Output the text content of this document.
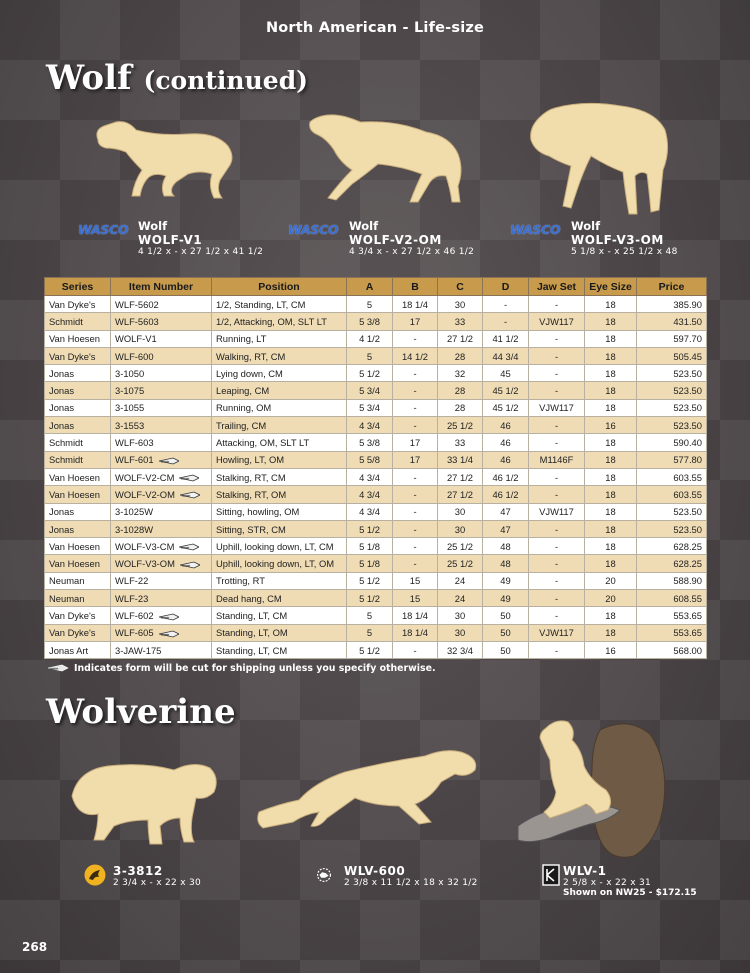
North American - Life-size
Wolf (continued)
WASCO Wolf
WOLF-V1
4 1/2 x - x 27 1/2 x 41 1/2
WASCO Wolf
WOLF-V2-OM
4 3/4 x - x 27 1/2 x 46 1/2
WASCO Wolf
WOLF-V3-OM
5 1/8 x - x 25 1/2 x 48
Series	Item Number	Position	A	B	C	D	Jaw Set	Eye Size	Price
Van Dyke's	WLF-5602	1/2, Standing, LT, CM	5	18 1/4	30	-	-	18	385.90
Schmidt	WLF-5603	1/2, Attacking, OM, SLT LT	5 3/8	17	33	-	VJW117	18	431.50
Van Hoesen	WOLF-V1	Running, LT	4 1/2	-	27 1/2	41 1/2	-	18	597.70
Van Dyke's	WLF-600	Walking, RT, CM	5	14 1/2	28	44 3/4	-	18	505.45
Jonas	3-1050	Lying down, CM	5 1/2	-	32	45	-	18	523.50
Jonas	3-1075	Leaping, CM	5 3/4	-	28	45 1/2	-	18	523.50
Jonas	3-1055	Running, OM	5 3/4	-	28	45 1/2	VJW117	18	523.50
Jonas	3-1553	Trailing, CM	4 3/4	-	25 1/2	46	-	16	523.50
Schmidt	WLF-603	Attacking, OM, SLT LT	5 3/8	17	33	46	-	18	590.40
Schmidt	WLF-601	Howling, LT, OM	5 5/8	17	33 1/4	46	M1146F	18	577.80
Van Hoesen	WOLF-V2-CM	Stalking, RT, CM	4 3/4	-	27 1/2	46 1/2	-	18	603.55
Van Hoesen	WOLF-V2-OM	Stalking, RT, OM	4 3/4	-	27 1/2	46 1/2	-	18	603.55
Jonas	3-1025W	Sitting, howling, OM	4 3/4	-	30	47	VJW117	18	523.50
Jonas	3-1028W	Sitting, STR, CM	5 1/2	-	30	47	-	18	523.50
Van Hoesen	WOLF-V3-CM	Uphill, looking down, LT, CM	5 1/8	-	25 1/2	48	-	18	628.25
Van Hoesen	WOLF-V3-OM	Uphill, looking down, LT, OM	5 1/8	-	25 1/2	48	-	18	628.25
Neuman	WLF-22	Trotting, RT	5 1/2	15	24	49	-	20	588.90
Neuman	WLF-23	Dead hang, CM	5 1/2	15	24	49	-	20	608.55
Van Dyke's	WLF-602	Standing, LT, CM	5	18 1/4	30	50	-	18	553.65
Van Dyke's	WLF-605	Standing, LT, OM	5	18 1/4	30	50	VJW117	18	553.65
Jonas Art	3-JAW-175	Standing, LT, CM	5 1/2	-	32 3/4	50	-	16	568.00
Indicates form will be cut for shipping unless you specify otherwise.
Wolverine
3-3812
2 3/4 x - x 22 x 30
WLV-600
2 3/8 x 11 1/2 x 18 x 32 1/2
WLV-1
2 5/8 x - x 22 x 31
Shown on NW25 - $172.15
268
